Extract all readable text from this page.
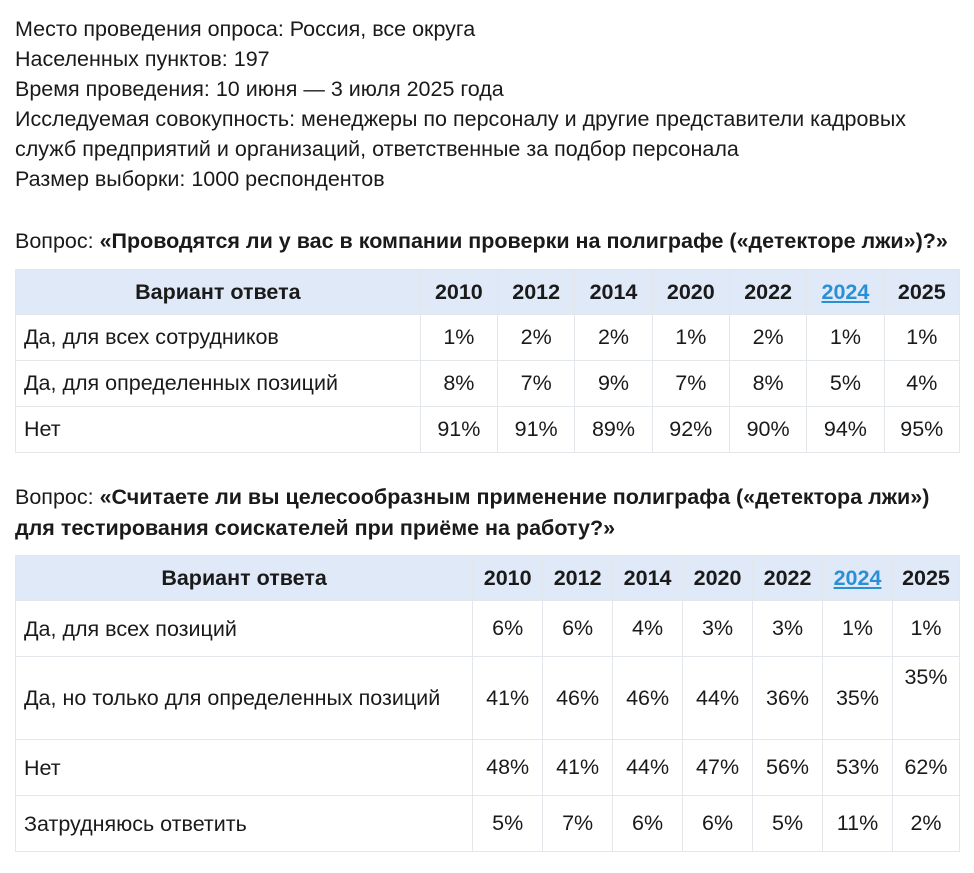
Место проведения опроса: Россия, все округа
Населенных пунктов: 197
Время проведения: 10 июня — 3 июля 2025 года
Исследуемая совокупность: менеджеры по персоналу и другие представители кадровых служб предприятий и организаций, ответственные за подбор персонала
Размер выборки: 1000 респондентов
Вопрос: «Проводятся ли у вас в компании проверки на полиграфе («детекторе лжи»)?»
Вариант ответа	2010	2012	2014	2020	2022	2024	2025
Да, для всех сотрудников	1%	2%	2%	1%	2%	1%	1%
Да, для определенных позиций	8%	7%	9%	7%	8%	5%	4%
Нет	91%	91%	89%	92%	90%	94%	95%
Вопрос: «Считаете ли вы целесообразным применение полиграфа («детектора лжи») для тестирования соискателей при приёме на работу?»
Вариант ответа	2010	2012	2014	2020	2022	2024	2025
Да, для всех позиций	6%	6%	4%	3%	3%	1%	1%
Да, но только для определенных позиций	41%	46%	46%	44%	36%	35%	35%
Нет	48%	41%	44%	47%	56%	53%	62%
Затрудняюсь ответить	5%	7%	6%	6%	5%	11%	2%
